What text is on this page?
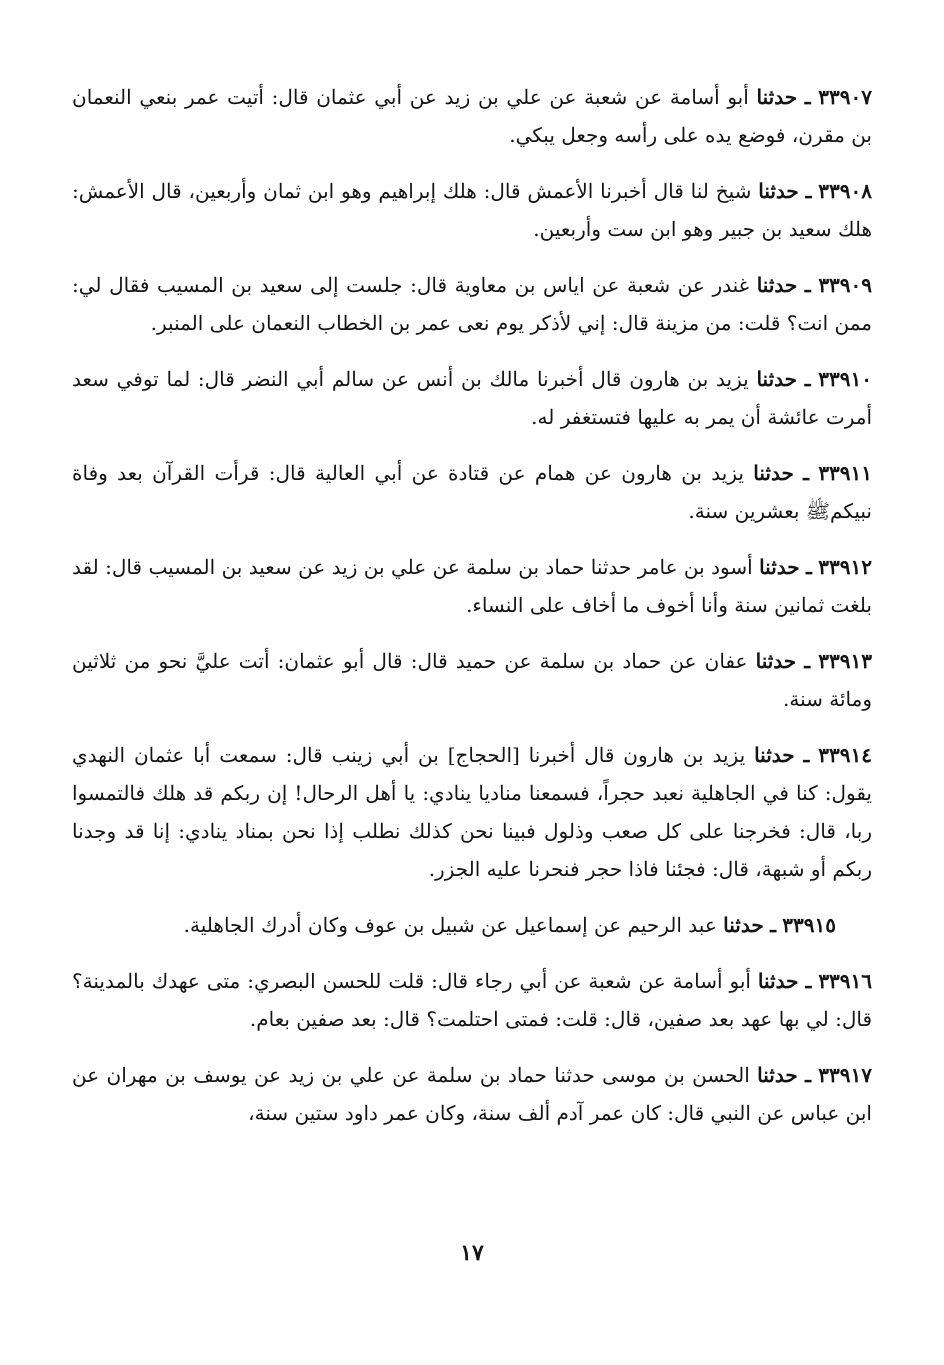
٣٣٩٠٧ ـ حدثنا أبو أسامة عن شعبة عن علي بن زيد عن أبي عثمان قال: أتيت عمر بنعي النعمان بن مقرن، فوضع يده على رأسه وجعل يبكي.

٣٣٩٠٨ ـ حدثنا شيخ لنا قال أخبرنا الأعمش قال: هلك إبراهيم وهو ابن ثمان وأربعين، قال الأعمش: هلك سعيد بن جبير وهو ابن ست وأربعين.

٣٣٩٠٩ ـ حدثنا غندر عن شعبة عن اياس بن معاوية قال: جلست إلى سعيد بن المسيب فقال لي: ممن انت؟ قلت: من مزينة قال: إني لأذكر يوم نعى عمر بن الخطاب النعمان على المنبر.

٣٣٩١٠ ـ حدثنا يزيد بن هارون قال أخبرنا مالك بن أنس عن سالم أبي النضر قال: لما توفي سعد أمرت عائشة أن يمر به عليها فتستغفر له.

٣٣٩١١ ـ حدثنا يزيد بن هارون عن همام عن قتادة عن أبي العالية قال: قرأت القرآن بعد وفاة نبيكمﷺ بعشرين سنة.

٣٣٩١٢ ـ حدثنا أسود بن عامر حدثنا حماد بن سلمة عن علي بن زيد عن سعيد بن المسيب قال: لقد بلغت ثمانين سنة وأنا أخوف ما أخاف على النساء.

٣٣٩١٣ ـ حدثنا عفان عن حماد بن سلمة عن حميد قال: قال أبو عثمان: أتت عليَّ نحو من ثلاثين ومائة سنة.

٣٣٩١٤ ـ حدثنا يزيد بن هارون قال أخبرنا [الحجاج] بن أبي زينب قال: سمعت أبا عثمان النهدي يقول: كنا في الجاهلية نعبد حجراً، فسمعنا مناديا ينادي: يا أهل الرحال! إن ربكم قد هلك فالتمسوا ربا، قال: فخرجنا على كل صعب وذلول فبينا نحن كذلك نطلب إذا نحن بمناد ينادي: إنا قد وجدنا ربكم أو شبهة، قال: فجئنا فاذا حجر فنحرنا عليه الجزر.

٣٣٩١٥ ـ حدثنا عبد الرحيم عن إسماعيل عن شبيل بن عوف وكان أدرك الجاهلية.

٣٣٩١٦ ـ حدثنا أبو أسامة عن شعبة عن أبي رجاء قال: قلت للحسن البصري: متى عهدك بالمدينة؟ قال: لي بها عهد بعد صفين، قال: قلت: فمتى احتلمت؟ قال: بعد صفين بعام.

٣٣٩١٧ ـ حدثنا الحسن بن موسى حدثنا حماد بن سلمة عن علي بن زيد عن يوسف بن مهران عن ابن عباس عن النبي قال: كان عمر آدم ألف سنة، وكان عمر داود ستين سنة،

١٧
